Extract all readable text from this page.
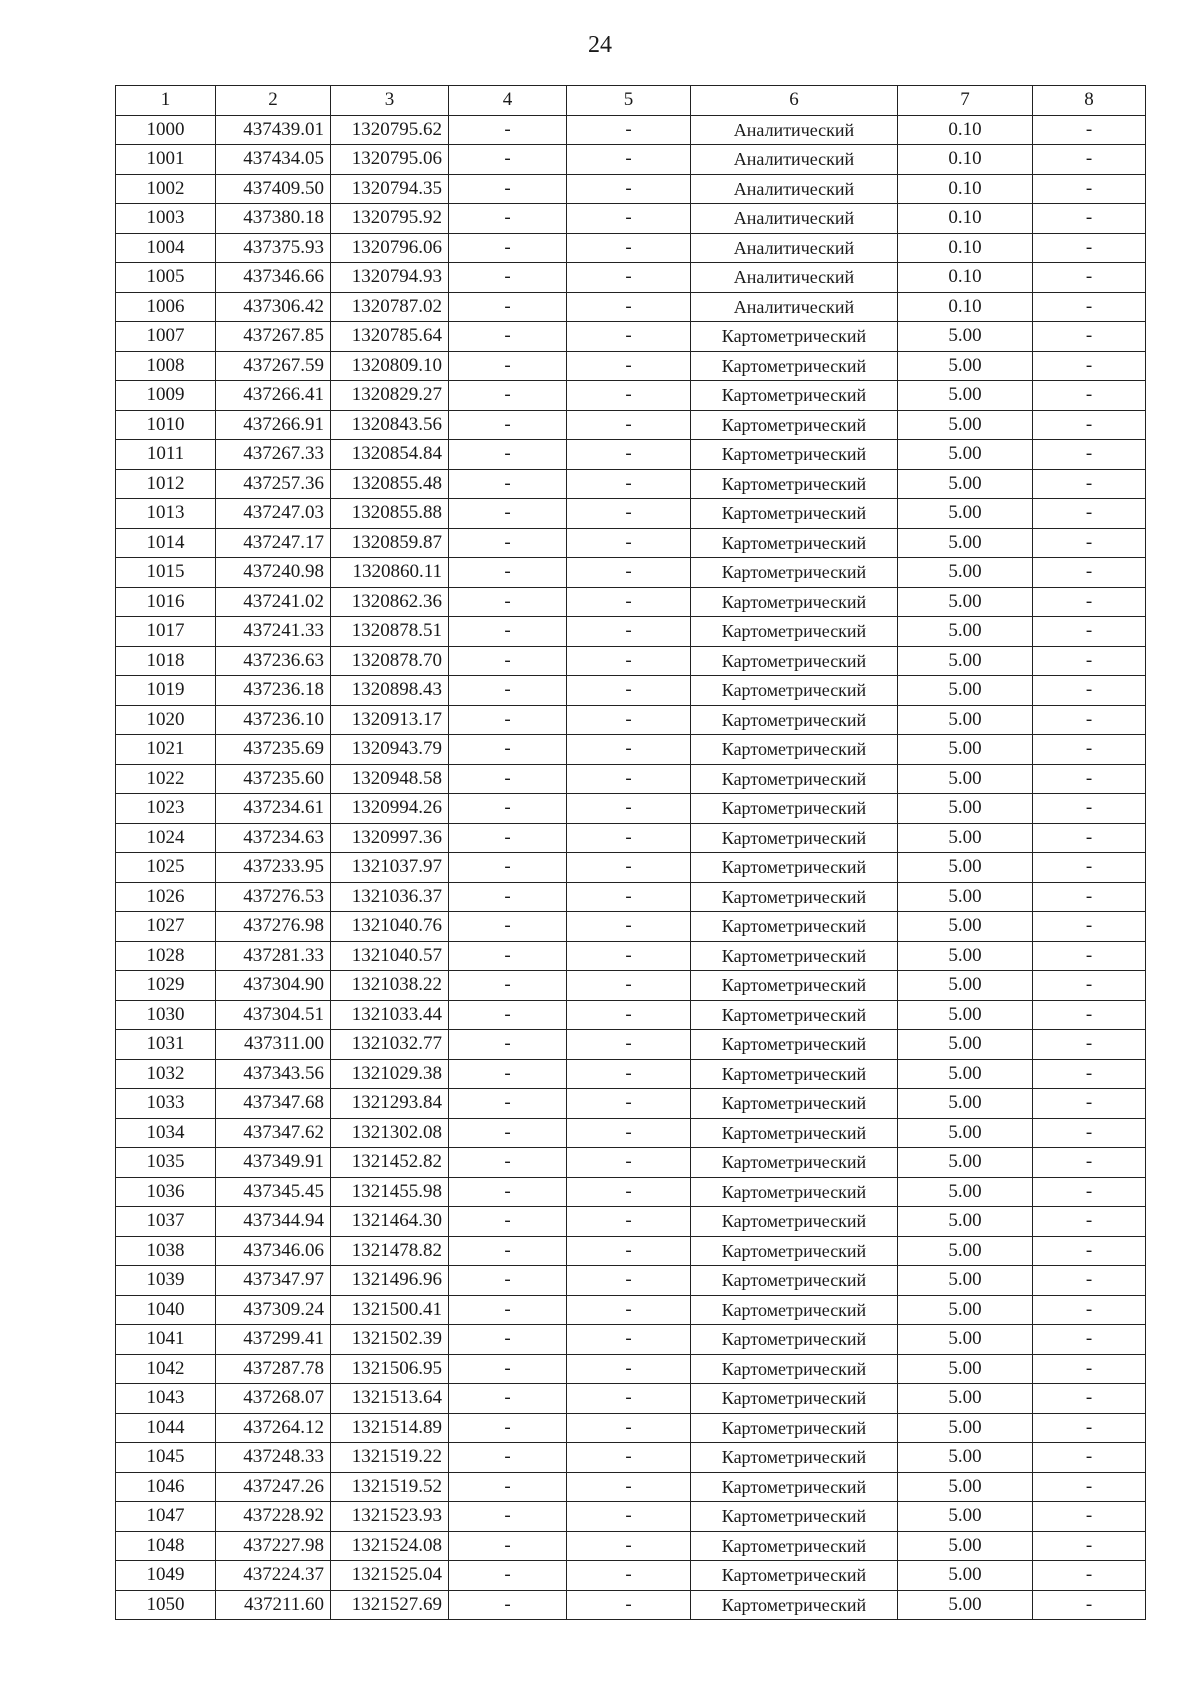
24
1	2	3	4	5	6	7	8
1000	437439.01	1320795.62	-	-	Аналитический	0.10	-
1001	437434.05	1320795.06	-	-	Аналитический	0.10	-
1002	437409.50	1320794.35	-	-	Аналитический	0.10	-
1003	437380.18	1320795.92	-	-	Аналитический	0.10	-
1004	437375.93	1320796.06	-	-	Аналитический	0.10	-
1005	437346.66	1320794.93	-	-	Аналитический	0.10	-
1006	437306.42	1320787.02	-	-	Аналитический	0.10	-
1007	437267.85	1320785.64	-	-	Картометрический	5.00	-
1008	437267.59	1320809.10	-	-	Картометрический	5.00	-
1009	437266.41	1320829.27	-	-	Картометрический	5.00	-
1010	437266.91	1320843.56	-	-	Картометрический	5.00	-
1011	437267.33	1320854.84	-	-	Картометрический	5.00	-
1012	437257.36	1320855.48	-	-	Картометрический	5.00	-
1013	437247.03	1320855.88	-	-	Картометрический	5.00	-
1014	437247.17	1320859.87	-	-	Картометрический	5.00	-
1015	437240.98	1320860.11	-	-	Картометрический	5.00	-
1016	437241.02	1320862.36	-	-	Картометрический	5.00	-
1017	437241.33	1320878.51	-	-	Картометрический	5.00	-
1018	437236.63	1320878.70	-	-	Картометрический	5.00	-
1019	437236.18	1320898.43	-	-	Картометрический	5.00	-
1020	437236.10	1320913.17	-	-	Картометрический	5.00	-
1021	437235.69	1320943.79	-	-	Картометрический	5.00	-
1022	437235.60	1320948.58	-	-	Картометрический	5.00	-
1023	437234.61	1320994.26	-	-	Картометрический	5.00	-
1024	437234.63	1320997.36	-	-	Картометрический	5.00	-
1025	437233.95	1321037.97	-	-	Картометрический	5.00	-
1026	437276.53	1321036.37	-	-	Картометрический	5.00	-
1027	437276.98	1321040.76	-	-	Картометрический	5.00	-
1028	437281.33	1321040.57	-	-	Картометрический	5.00	-
1029	437304.90	1321038.22	-	-	Картометрический	5.00	-
1030	437304.51	1321033.44	-	-	Картометрический	5.00	-
1031	437311.00	1321032.77	-	-	Картометрический	5.00	-
1032	437343.56	1321029.38	-	-	Картометрический	5.00	-
1033	437347.68	1321293.84	-	-	Картометрический	5.00	-
1034	437347.62	1321302.08	-	-	Картометрический	5.00	-
1035	437349.91	1321452.82	-	-	Картометрический	5.00	-
1036	437345.45	1321455.98	-	-	Картометрический	5.00	-
1037	437344.94	1321464.30	-	-	Картометрический	5.00	-
1038	437346.06	1321478.82	-	-	Картометрический	5.00	-
1039	437347.97	1321496.96	-	-	Картометрический	5.00	-
1040	437309.24	1321500.41	-	-	Картометрический	5.00	-
1041	437299.41	1321502.39	-	-	Картометрический	5.00	-
1042	437287.78	1321506.95	-	-	Картометрический	5.00	-
1043	437268.07	1321513.64	-	-	Картометрический	5.00	-
1044	437264.12	1321514.89	-	-	Картометрический	5.00	-
1045	437248.33	1321519.22	-	-	Картометрический	5.00	-
1046	437247.26	1321519.52	-	-	Картометрический	5.00	-
1047	437228.92	1321523.93	-	-	Картометрический	5.00	-
1048	437227.98	1321524.08	-	-	Картометрический	5.00	-
1049	437224.37	1321525.04	-	-	Картометрический	5.00	-
1050	437211.60	1321527.69	-	-	Картометрический	5.00	-
